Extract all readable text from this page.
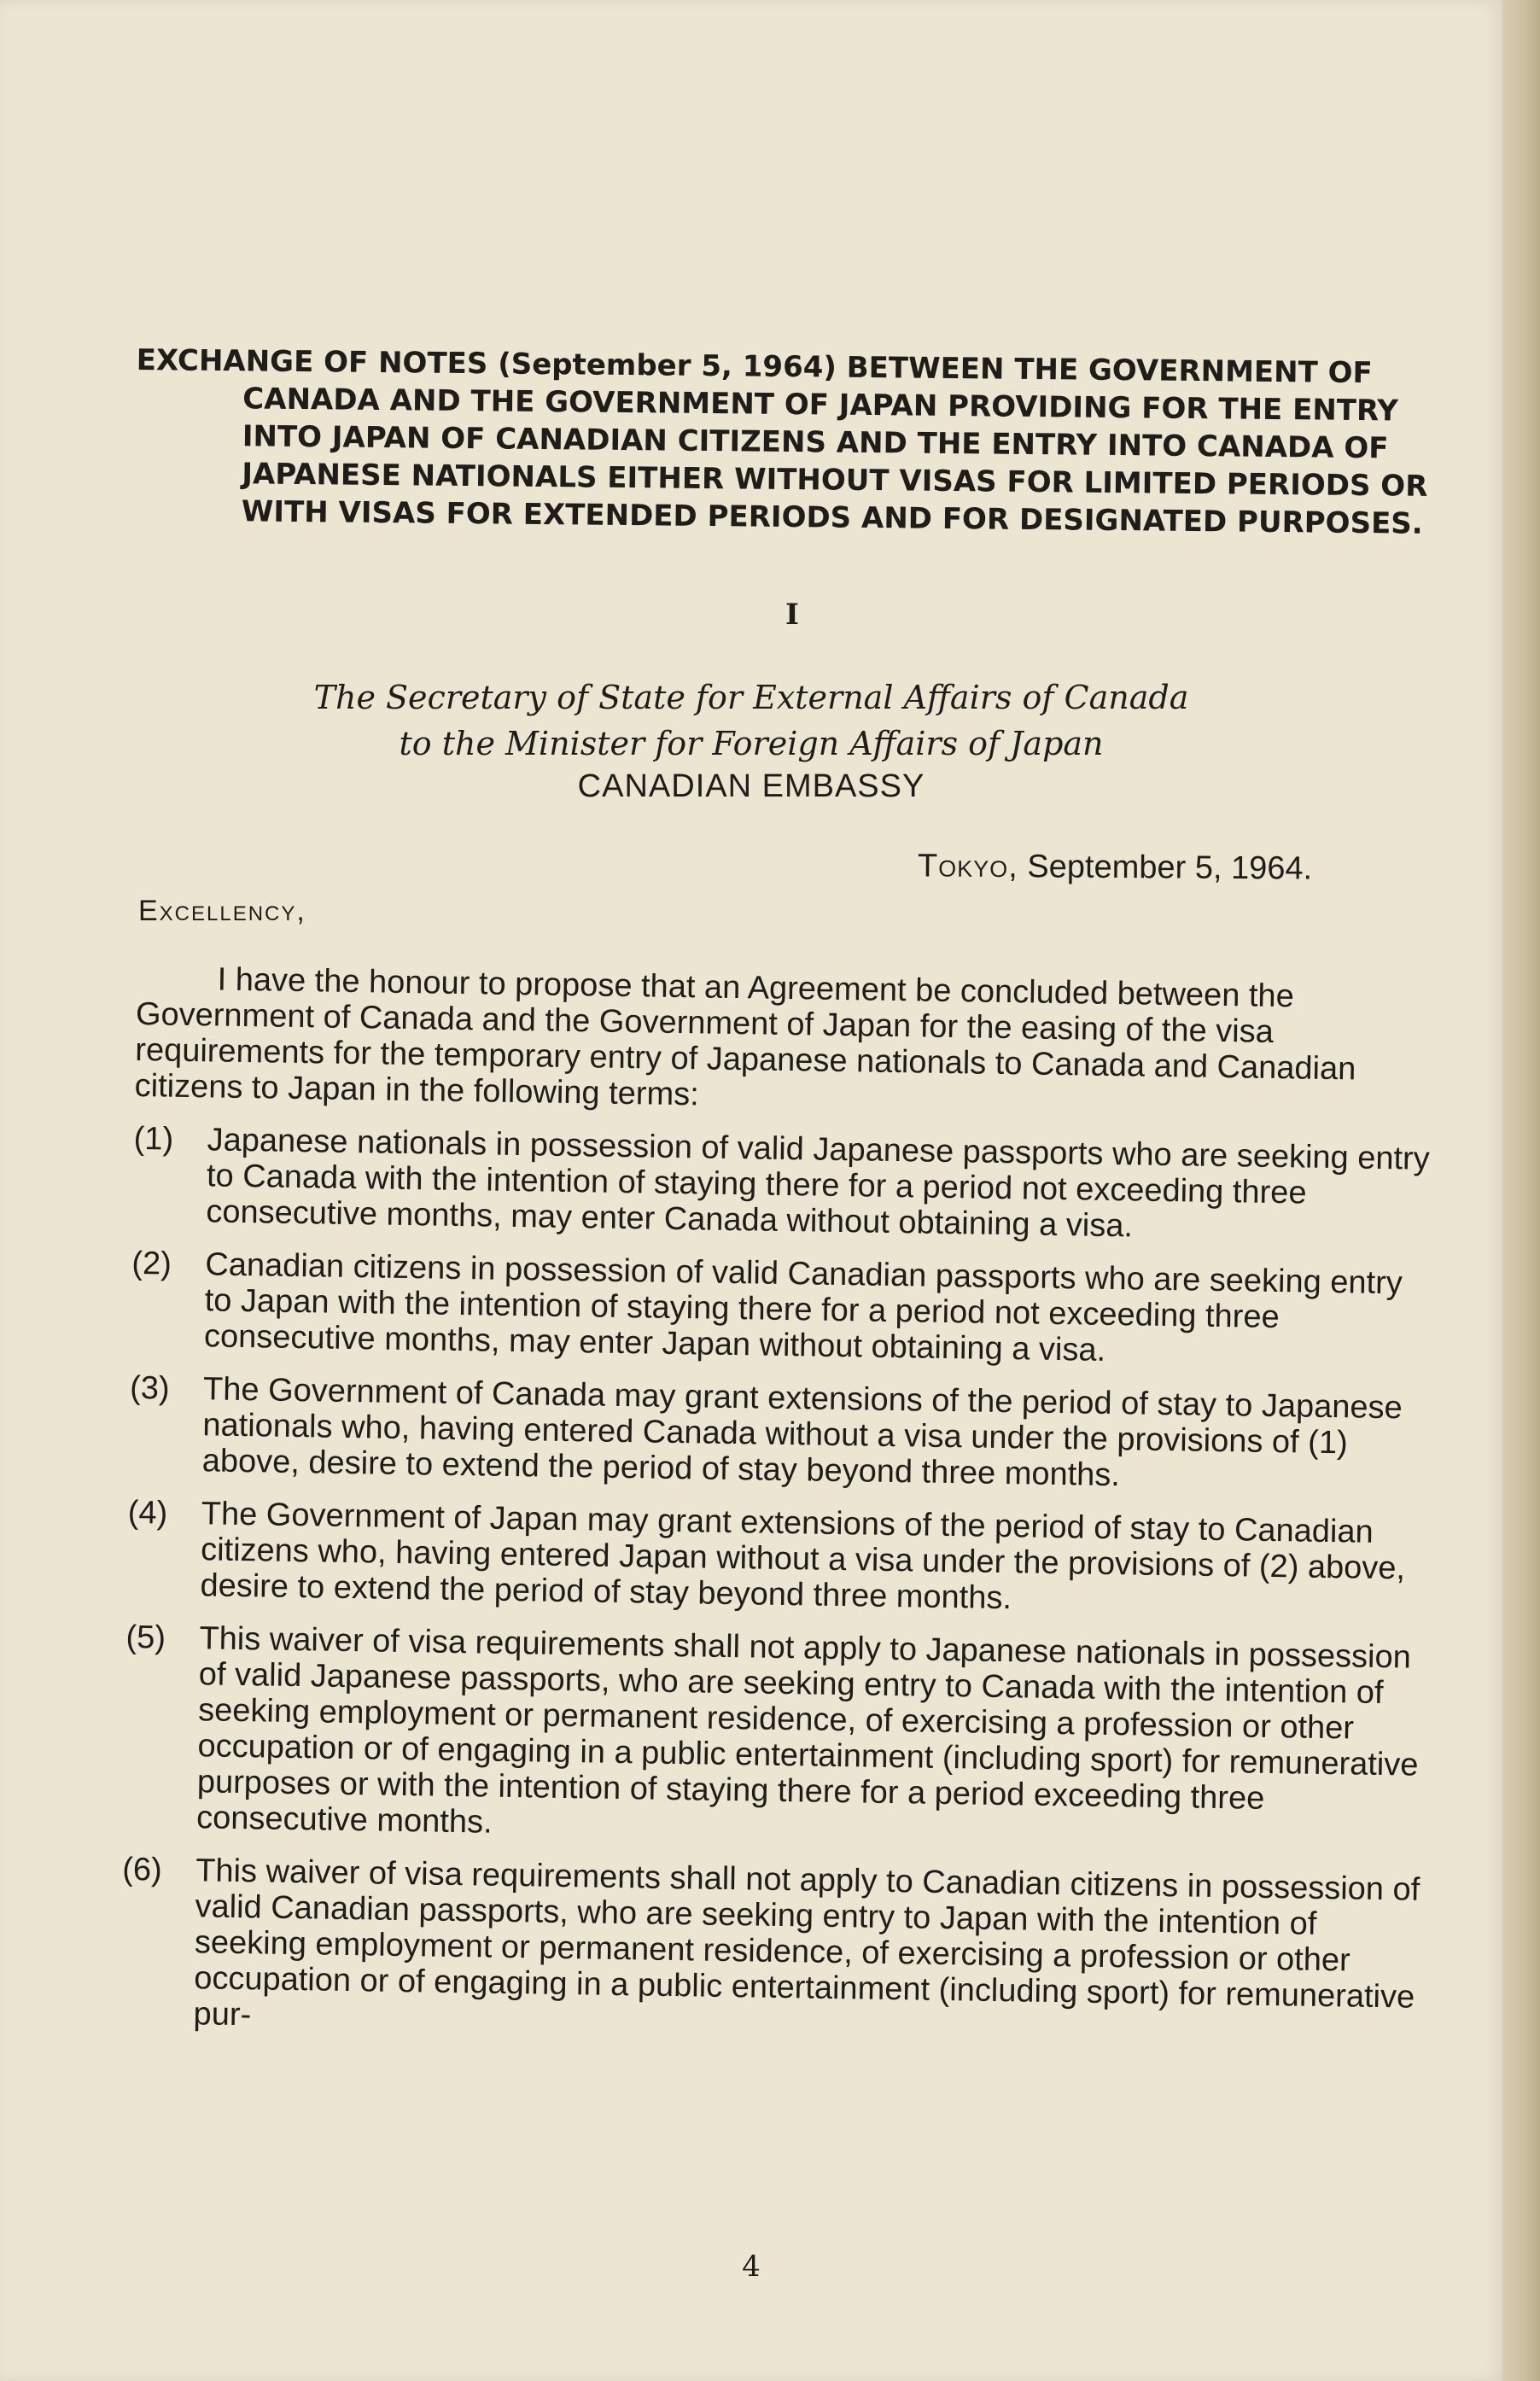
EXCHANGE OF NOTES (September 5, 1964) BETWEEN THE GOVERNMENT OF
CANADA AND THE GOVERNMENT OF JAPAN PROVIDING FOR THE ENTRY INTO JAPAN OF CANADIAN CITIZENS AND THE ENTRY INTO CANADA OF JAPANESE NATIONALS EITHER WITHOUT VISAS FOR LIMITED PERIODS OR WITH VISAS FOR EXTENDED PERIODS AND FOR DESIGNATED PURPOSES.
I
The Secretary of State for External Affairs of Canada
to the Minister for Foreign Affairs of Japan
CANADIAN EMBASSY
Tokyo, September 5, 1964.
Excellency,

I have the honour to propose that an Agreement be concluded between the Government of Canada and the Government of Japan for the easing of the visa requirements for the temporary entry of Japanese nationals to Canada and Canadian citizens to Japan in the following terms:

(1)	Japanese nationals in possession of valid Japanese passports who are seeking entry to Canada with the intention of staying there for a period not exceeding three consecutive months, may enter Canada without obtaining a visa.
(2)	Canadian citizens in possession of valid Canadian passports who are seeking entry to Japan with the intention of staying there for a period not exceeding three consecutive months, may enter Japan without obtaining a visa.
(3)	The Government of Canada may grant extensions of the period of stay to Japanese nationals who, having entered Canada without a visa under the provisions of (1) above, desire to extend the period of stay beyond three months.
(4)	The Government of Japan may grant extensions of the period of stay to Canadian citizens who, having entered Japan without a visa under the provisions of (2) above, desire to extend the period of stay beyond three months.
(5)	This waiver of visa requirements shall not apply to Japanese nationals in possession of valid Japanese passports, who are seeking entry to Canada with the intention of seeking employment or permanent residence, of exercising a profession or other occupation or of engaging in a public entertainment (including sport) for remunerative purposes or with the intention of staying there for a period exceeding three consecutive months.
(6)	This waiver of visa requirements shall not apply to Canadian citizens in possession of valid Canadian passports, who are seeking entry to Japan with the intention of seeking employment or permanent residence, of exercising a profession or other occupation or of engaging in a public entertainment (including sport) for remunerative pur-
4
